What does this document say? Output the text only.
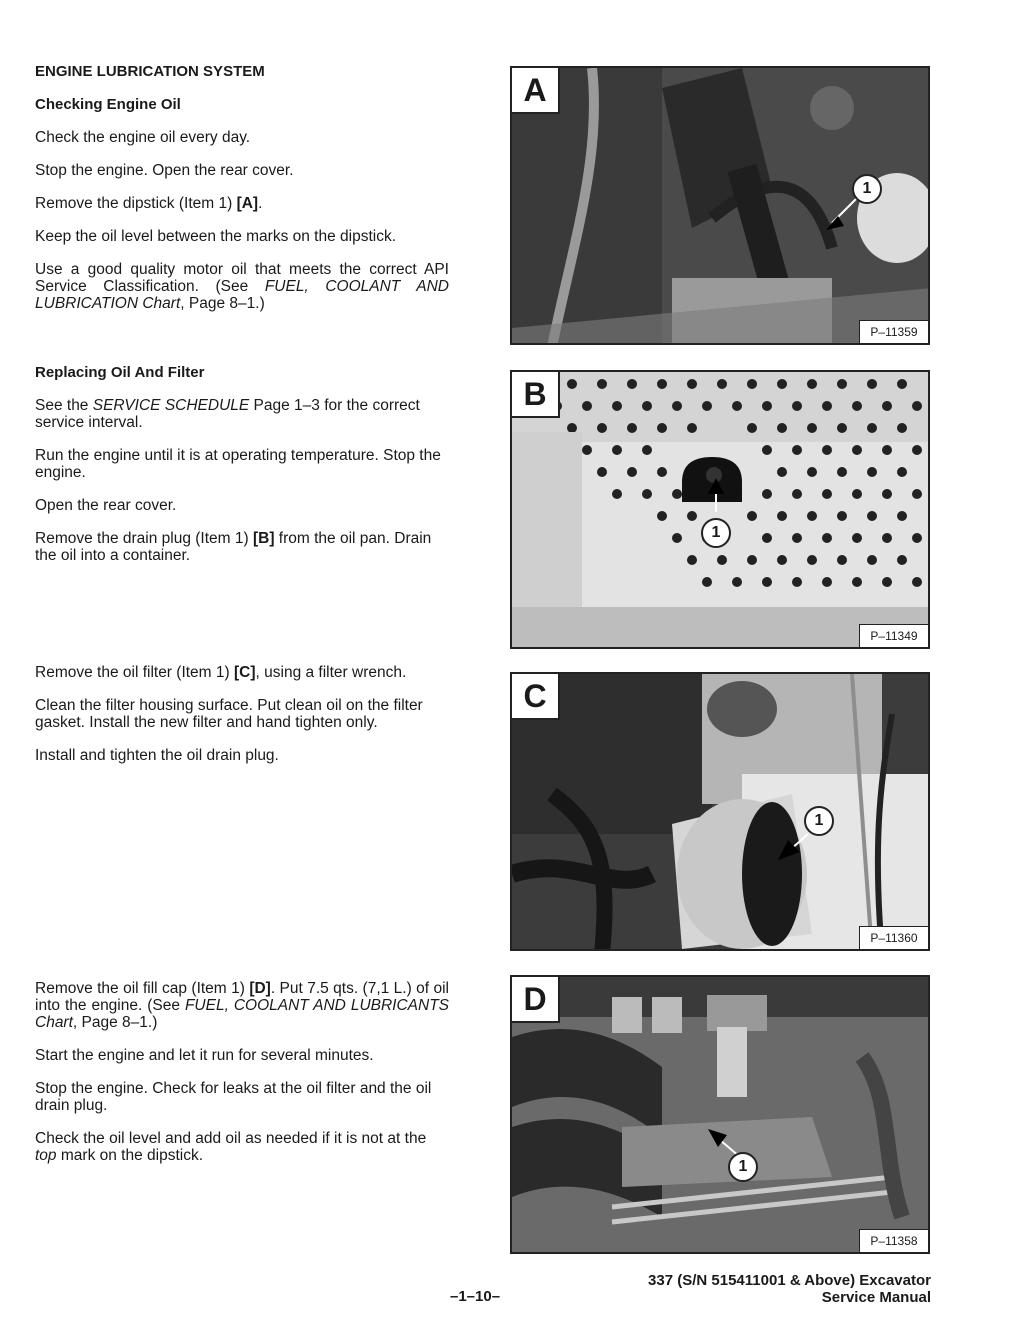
ENGINE LUBRICATION SYSTEM

Checking Engine Oil

Check the engine oil every day.

Stop the engine. Open the rear cover.

Remove the dipstick (Item 1) [A].

Keep the oil level between the marks on the dipstick.

Use a good quality motor oil that meets the correct API Service Classification. (See FUEL, COOLANT AND LUBRICATION Chart, Page 8–1.)

Replacing Oil And Filter

See the SERVICE SCHEDULE Page 1–3 for the correct service interval.

Run the engine until it is at operating temperature. Stop the engine.

Open the rear cover.

Remove the drain plug (Item 1) [B] from the oil pan. Drain the oil into a container.

Remove the oil filter (Item 1) [C], using a filter wrench.

Clean the filter housing surface. Put clean oil on the filter gasket. Install the new filter and hand tighten only.

Install and tighten the oil drain plug.

Remove the oil fill cap (Item 1) [D]. Put 7.5 qts. (7,1 L.) of oil into the engine. (See FUEL, COOLANT AND LUBRICANTS Chart, Page 8–1.)

Start the engine and let it run for several minutes.

Stop the engine. Check for leaks at the oil filter and the oil drain plug.

Check the oil level and add oil as needed if it is not at the top mark on the dipstick.

A
1
P–11359
B
1
P–11349
C
1
P–11360
D
1
P–11358
–1–10–
337 (S/N 515411001 & Above) Excavator
Service Manual
